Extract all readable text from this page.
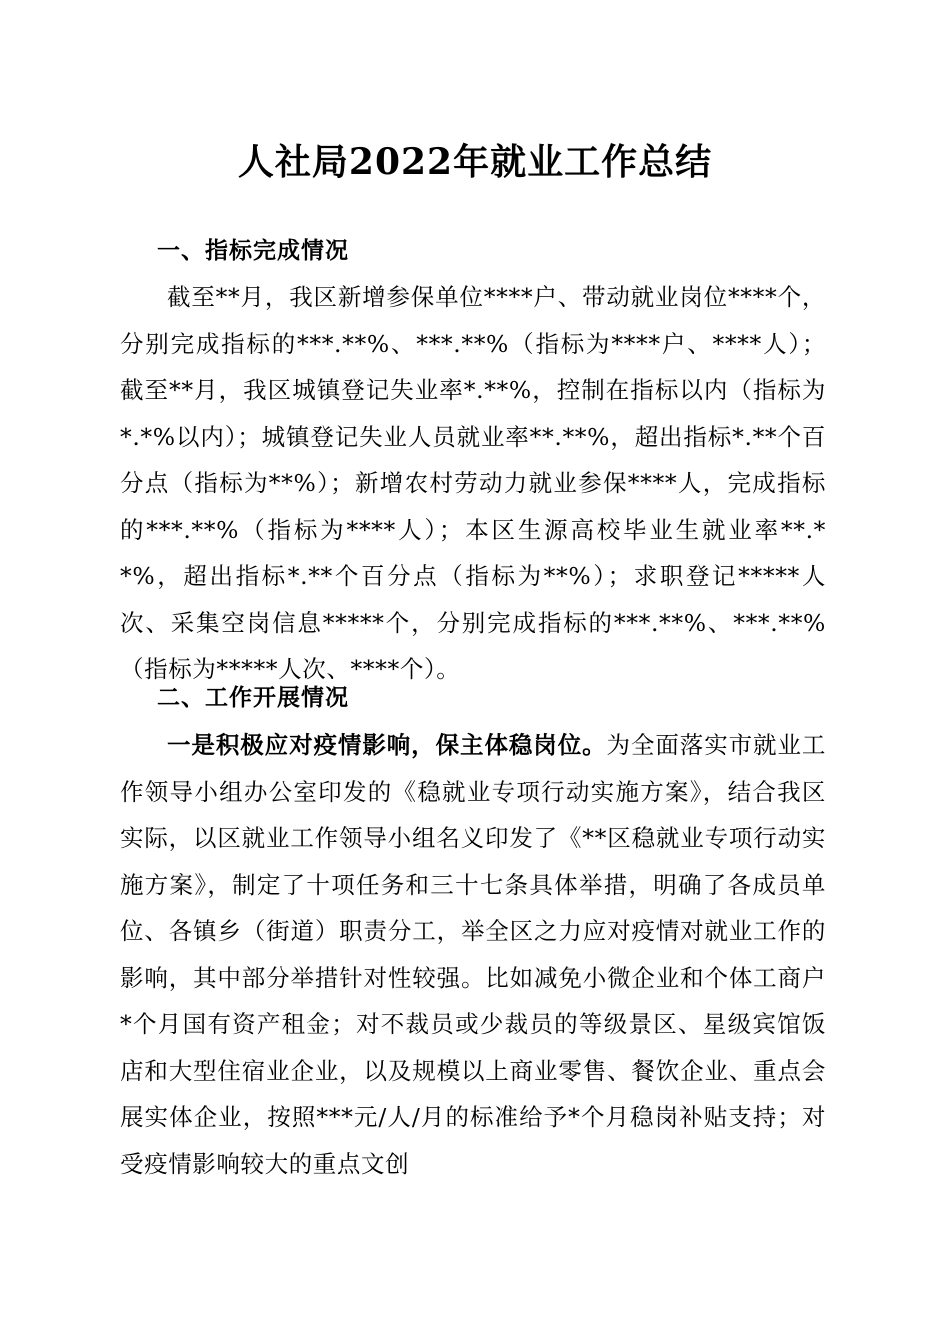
人社局2022年就业工作总结
一、指标完成情况

截至**月，我区新增参保单位****户、带动就业岗位****个，分别完成指标的***.**%、***.**%（指标为****户、****人）；截至**月，我区城镇登记失业率*.**%，控制在指标以内（指标为*.*%以内）；城镇登记失业人员就业率**.**%，超出指标*.**个百分点（指标为**%）；新增农村劳动力就业参保****人，完成指标的***.**%（指标为****人）；本区生源高校毕业生就业率**.**%，超出指标*.**个百分点（指标为**%）；求职登记*****人次、采集空岗信息*****个，分别完成指标的***.**%、***.**%（指标为*****人次、****个）。

二、工作开展情况

一是积极应对疫情影响，保主体稳岗位。为全面落实市就业工作领导小组办公室印发的《稳就业专项行动实施方案》，结合我区实际，以区就业工作领导小组名义印发了《**区稳就业专项行动实施方案》，制定了十项任务和三十七条具体举措，明确了各成员单位、各镇乡（街道）职责分工，举全区之力应对疫情对就业工作的影响，其中部分举措针对性较强。比如减免小微企业和个体工商户*个月国有资产租金；对不裁员或少裁员的等级景区、星级宾馆饭店和大型住宿业企业，以及规模以上商业零售、餐饮企业、重点会展实体企业，按照***元/人/月的标准给予*个月稳岗补贴支持；对受疫情影响较大的重点文创
